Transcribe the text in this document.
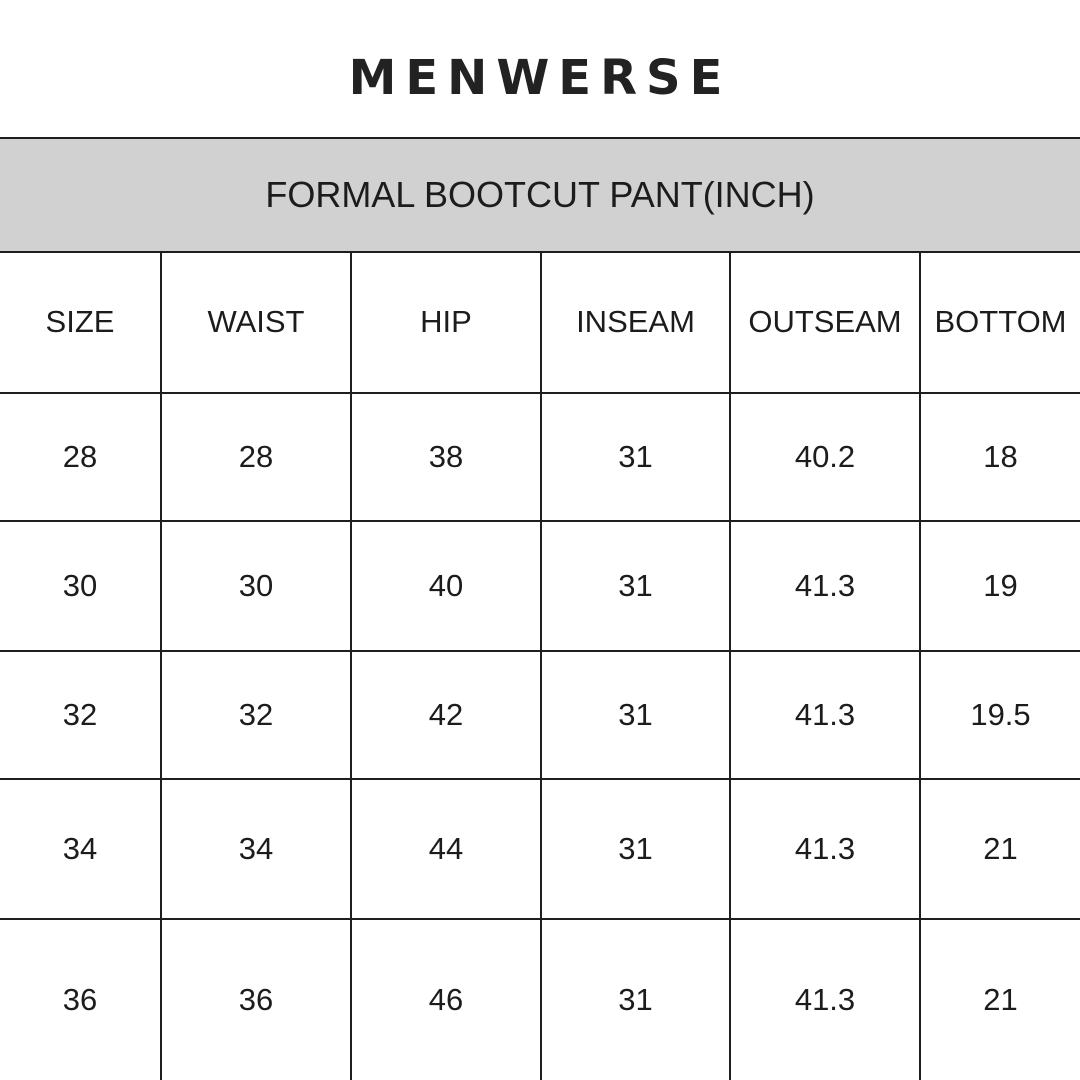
MENWERSE
FORMAL BOOTCUT PANT(INCH)
SIZE	WAIST	HIP	INSEAM	OUTSEAM	BOTTOM
28	28	38	31	40.2	18
30	30	40	31	41.3	19
32	32	42	31	41.3	19.5
34	34	44	31	41.3	21
36	36	46	31	41.3	21
